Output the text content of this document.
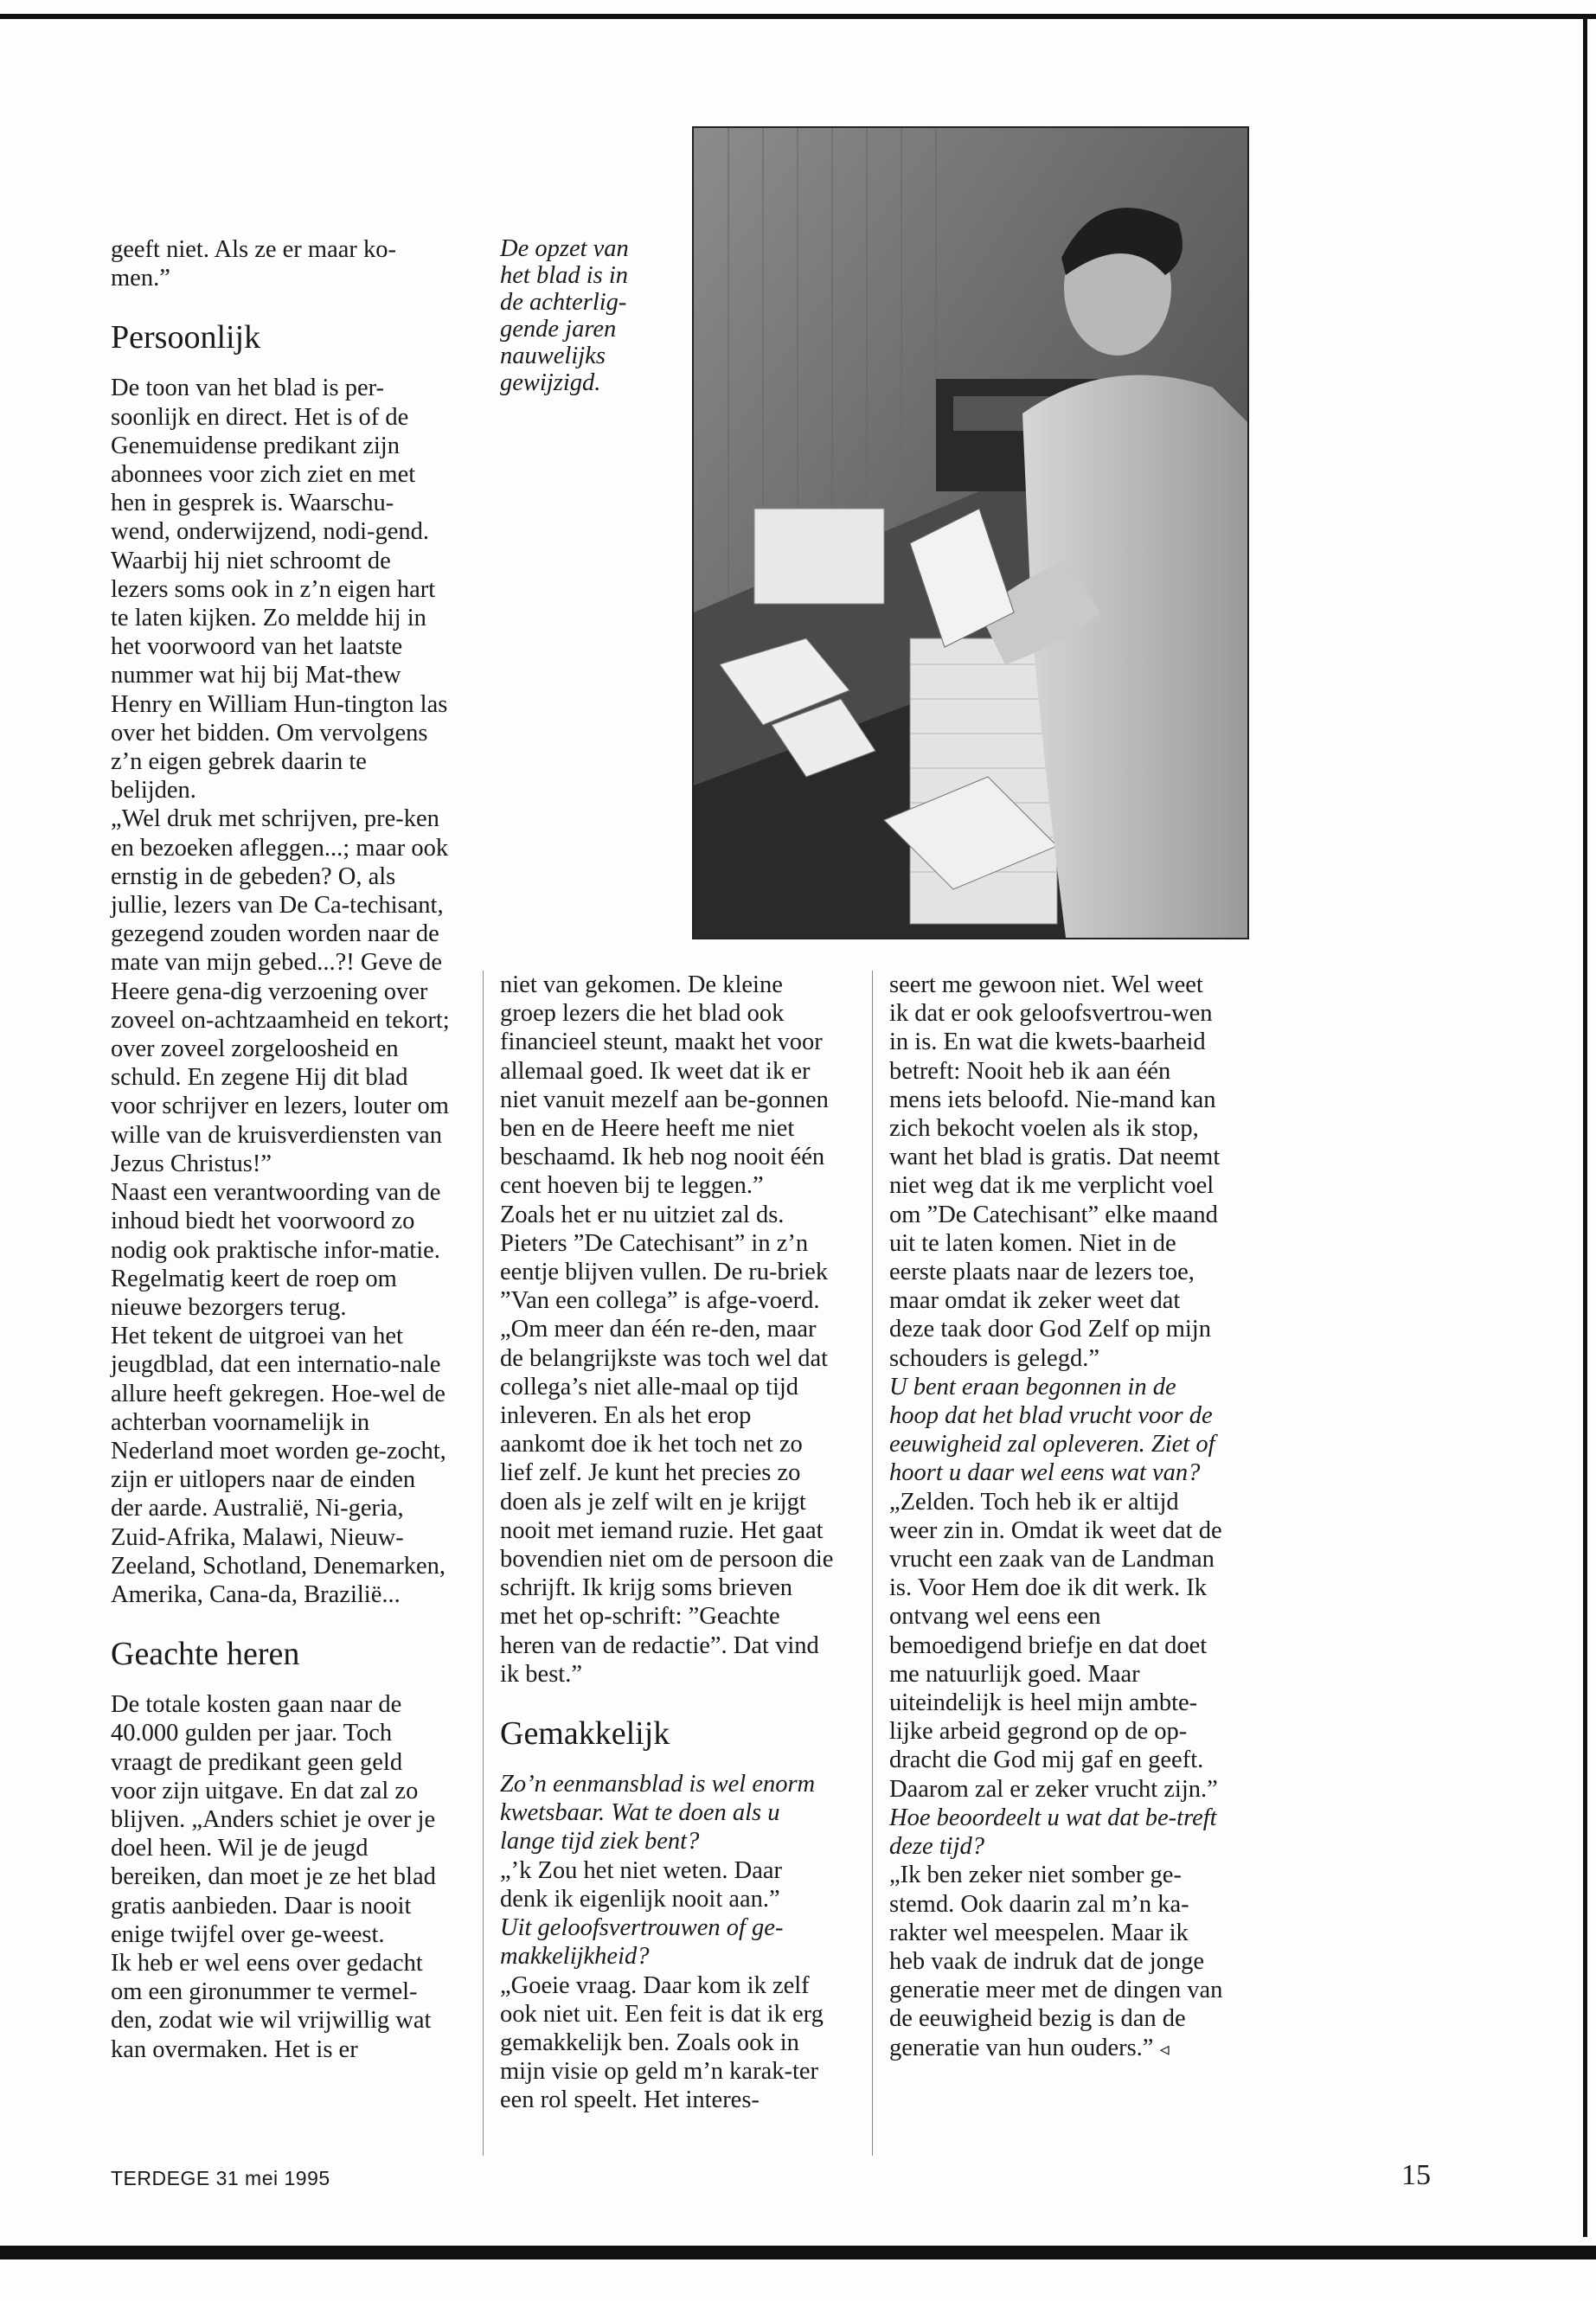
geeft niet. Als ze er maar ko-men.”

Persoonlijk

De toon van het blad is per-soonlijk en direct. Het is of de Genemuidense predikant zijn abonnees voor zich ziet en met hen in gesprek is. Waarschu-wend, onderwijzend, nodi-gend. Waarbij hij niet schroomt de lezers soms ook in z’n eigen hart te laten kijken. Zo meldde hij in het voorwoord van het laatste nummer wat hij bij Mat-thew Henry en William Hun-tington las over het bidden. Om vervolgens z’n eigen gebrek daarin te belijden.

„Wel druk met schrijven, pre-ken en bezoeken afleggen...; maar ook ernstig in de gebeden? O, als jullie, lezers van De Ca-techisant, gezegend zouden worden naar de mate van mijn gebed...?! Geve de Heere gena-dig verzoening over zoveel on-achtzaamheid en tekort; over zoveel zorgeloosheid en schuld. En zegene Hij dit blad voor schrijver en lezers, louter om wille van de kruisverdiensten van Jezus Christus!”

Naast een verantwoording van de inhoud biedt het voorwoord zo nodig ook praktische infor-matie. Regelmatig keert de roep om nieuwe bezorgers terug.

Het tekent de uitgroei van het jeugdblad, dat een internatio-nale allure heeft gekregen. Hoe-wel de achterban voornamelijk in Nederland moet worden ge-zocht, zijn er uitlopers naar de einden der aarde. Australië, Ni-geria, Zuid-Afrika, Malawi, Nieuw-Zeeland, Schotland, Denemarken, Amerika, Cana-da, Brazilië...

Geachte heren

De totale kosten gaan naar de 40.000 gulden per jaar. Toch vraagt de predikant geen geld voor zijn uitgave. En dat zal zo blijven. „Anders schiet je over je doel heen. Wil je de jeugd bereiken, dan moet je ze het blad gratis aanbieden. Daar is nooit enige twijfel over ge-weest.

Ik heb er wel eens over gedacht om een gironummer te vermel-den, zodat wie wil vrijwillig wat kan overmaken. Het is er

De opzet van
het blad is in
de achterlig-
gende jaren
nauwelijks
gewijzigd.

niet van gekomen. De kleine groep lezers die het blad ook financieel steunt, maakt het voor allemaal goed. Ik weet dat ik er niet vanuit mezelf aan be-gonnen ben en de Heere heeft me niet beschaamd. Ik heb nog nooit één cent hoeven bij te leggen.”

Zoals het er nu uitziet zal ds. Pieters ”De Catechisant” in z’n eentje blijven vullen. De ru-briek ”Van een collega” is afge-voerd. „Om meer dan één re-den, maar de belangrijkste was toch wel dat collega’s niet alle-maal op tijd inleveren. En als het erop aankomt doe ik het toch net zo lief zelf. Je kunt het precies zo doen als je zelf wilt en je krijgt nooit met iemand ruzie. Het gaat bovendien niet om de persoon die schrijft. Ik krijg soms brieven met het op-schrift: ”Geachte heren van de redactie”. Dat vind ik best.”

Gemakkelijk

Zo’n eenmansblad is wel enorm kwetsbaar. Wat te doen als u lange tijd ziek bent?

„’k Zou het niet weten. Daar denk ik eigenlijk nooit aan.”

Uit geloofsvertrouwen of ge-makkelijkheid?

„Goeie vraag. Daar kom ik zelf ook niet uit. Een feit is dat ik erg gemakkelijk ben. Zoals ook in mijn visie op geld m’n karak-ter een rol speelt. Het interes-

seert me gewoon niet. Wel weet ik dat er ook geloofsvertrou-wen in is. En wat die kwets-baarheid betreft: Nooit heb ik aan één mens iets beloofd. Nie-mand kan zich bekocht voelen als ik stop, want het blad is gratis. Dat neemt niet weg dat ik me verplicht voel om ”De Catechisant” elke maand uit te laten komen. Niet in de eerste plaats naar de lezers toe, maar omdat ik zeker weet dat deze taak door God Zelf op mijn schouders is gelegd.”

U bent eraan begonnen in de hoop dat het blad vrucht voor de eeuwigheid zal opleveren. Ziet of hoort u daar wel eens wat van?

„Zelden. Toch heb ik er altijd weer zin in. Omdat ik weet dat de vrucht een zaak van de Landman is. Voor Hem doe ik dit werk. Ik ontvang wel eens een bemoedigend briefje en dat doet me natuurlijk goed. Maar uiteindelijk is heel mijn ambte-lijke arbeid gegrond op de op-dracht die God mij gaf en geeft. Daarom zal er zeker vrucht zijn.”

Hoe beoordeelt u wat dat be-treft deze tijd?

„Ik ben zeker niet somber ge-stemd. Ook daarin zal m’n ka-rakter wel meespelen. Maar ik heb vaak de indruk dat de jonge generatie meer met de dingen van de eeuwigheid bezig is dan de generatie van hun ouders.” ◃

TERDEGE 31 mei 1995	15
